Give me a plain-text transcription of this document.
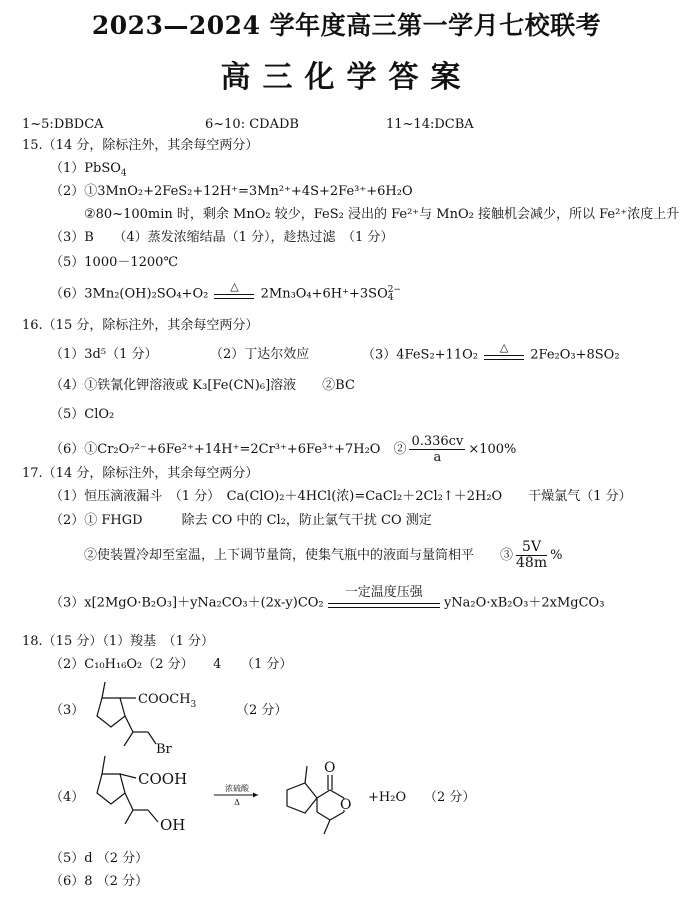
2023—2024 学年度高三第一学月七校联考
高三化学答案
1~5:DBDCA	6~10: CDADB	11~14:DCBA
15.（14 分，除标注外，其余每空两分）
（1）PbSO$_4$
（2）①3MnO₂+2FeS₂+12H⁺=3Mn²⁺+4S+2Fe³⁺+6H₂O
②80~100min 时，剩余 MnO₂ 较少，FeS₂ 浸出的 Fe²⁺与 MnO₂ 接触机会减少，所以 Fe²⁺浓度上升
（3）B　　（4）蒸发浓缩结晶（1 分），趁热过滤　（1 分）
（5）1000－1200℃
（6）3Mn₂(OH)₂SO₄+O₂	△	2Mn₃O₄+6H⁺+3SO 2−
4
16.（15 分，除标注外，其余每空两分）
（1）3d⁵（1 分）	（2）丁达尔效应	（3）4FeS₂+11O₂	△	2Fe₂O₃+8SO₂
（4）①铁氰化钾溶液或 K₃[Fe(CN)₆]溶液　　②BC
（5）ClO₂
（6）①Cr₂O₇²⁻+6Fe²⁺+14H⁺=2Cr³⁺+6Fe³⁺+7H₂O　② $\frac{0.336cv}{a} \times 100\%$
17.（14 分，除标注外，其余每空两分）
（1）恒压滴液漏斗　（1 分）　Ca(ClO)₂＋4HCl(浓)=CaCl₂＋2Cl₂↑＋2H₂O　　干燥氯气（1 分）
（2）① FHGD　　　除去 CO 中的 Cl₂，防止氯气干扰 CO 测定
②使装置冷却至室温，上下调节量筒，使集气瓶中的液面与量筒相平　　③ $\frac{5V}{48m}$ %
（3）x[2MgO·B₂O₃]＋yNa₂CO₃＋(2x-y)CO₂
一定温度压强
yNa₂O·xB₂O₃＋2xMgCO₃
18.（15 分）（1）羧基　（1 分）
（2）C₁₀H₁₆O₂（2 分）　　4　　（1 分）
（3）
$COOCH_3$
Br
（2 分）
（4）
COOH
OH
浓硫酸
Δ
O
O +H₂O （2 分）
（5）d （2 分）
（6）8 （2 分）
